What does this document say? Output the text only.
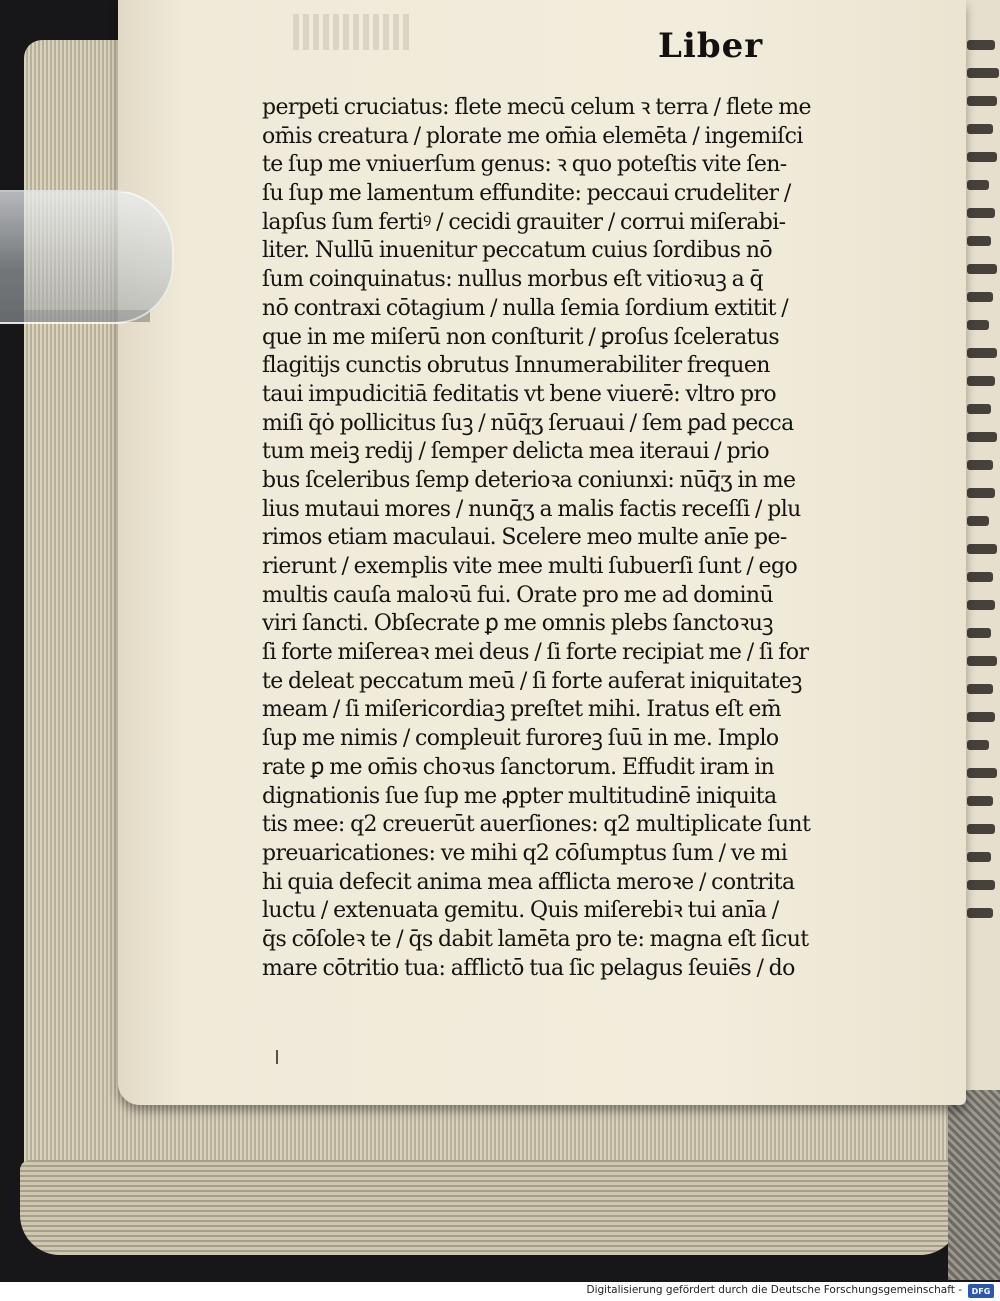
Liber
perpeti cruciatus: flete mecū celum ꝛ terra / flete me
om̄is creatura / plorate me om̄ia elemēta / ingemiſci
te ſup me vniuerſum genus: ꝛ quo poteſtis vite ſen-
ſu ſup me lamentum effundite: peccaui crudeliter /
lapſus ſum fertiꝰ / cecidi grauiter / corrui miſerabi-
liter. Nullū inuenitur peccatum cuius ſordibus nō
ſum coinquinatus: nullus morbus eſt vitioꝛuꝫ a q̄
nō contraxi cōtagium / nulla ſemia ſordium extitit /
que in me miſerū non conſturit / ꝑroſus ſceleratus
flagitijs cunctis obrutus Innumerabiliter frequen
taui impudicitiā feditatis vt bene viuerē: vltro pro
miſi q̄ȯ pollicitus ſuꝫ / nūq̄ʒ ſeruaui / ſem ꝑad pecca
tum meiꝫ redij / ſemper delicta mea iteraui / prio
bus ſceleribus ſemp deterioꝛa coniunxi: nūq̄ʒ in me
lius mutaui mores / nunq̄ʒ a malis factis receſſi / plu
rimos etiam maculaui. Scelere meo multe anīe pe-
rierunt / exemplis vite mee multi ſubuerſi ſunt / ego
multis cauſa maloꝛū fui. Orate pro me ad dominū
viri ſancti. Obſecrate ꝑ me omnis plebs ſanctoꝛuꝫ
ſi forte miſereaꝛ mei deus / ſi forte recipiat me / ſi for
te deleat peccatum meū / ſi forte auferat iniquitateꝫ
meam / ſi miſericordiaꝫ preſtet mihi. Iratus eſt em̄
ſup me nimis / compleuit furoreꝫ ſuū in me. Implo
rate ꝑ me om̄is choꝛus ſanctorum. Effudit iram in
dignationis ſue ſup me ꝓpter multitudinē iniquita
tis mee: q2 creuerūt auerſiones: q2 multiplicate ſunt
preuaricationes: ve mihi q2 cōſumptus ſum / ve mi
hi quia defecit anima mea afflicta meroꝛe / contrita
luctu / extenuata gemitu. Quis miſerebiꝛ tui anīa /
q̄s cōſoleꝛ te / q̄s dabit lamēta pro te: magna eſt ſicut
mare cōtritio tua: afflictō tua ſic pelagus ſeuiēs / do
Digitalisierung gefördert durch die Deutsche Forschungsgemeinschaft -	DFG
